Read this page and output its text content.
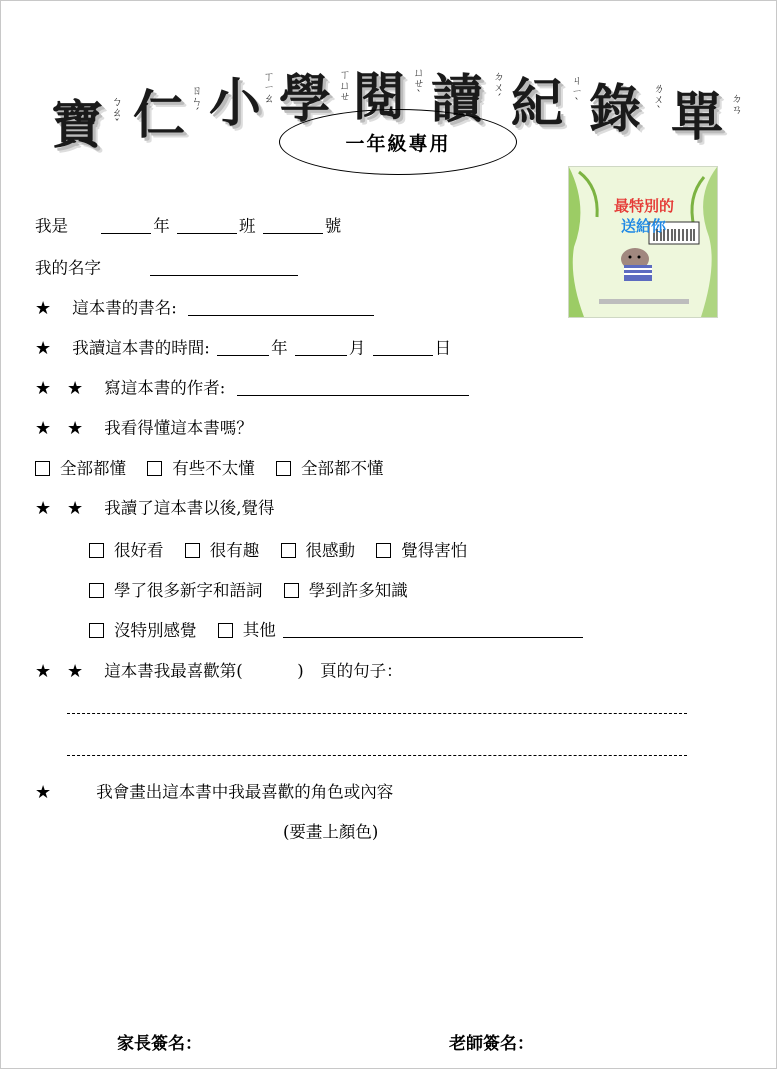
寶 仁 小 學 閱 讀 紀 錄 單
ㄅ
ㄠ
ˇ
ㄖ
ㄣ
ˊ
ㄒ
ㄧ
ㄠ
ㄒ
ㄩ
ㄝ
ㄩ
ㄝ
ˋ
ㄉ
ㄨ
ˊ
ㄐ
ㄧ
ˋ
ㄌ
ㄨ
ˋ
ㄉ
ㄢ
一年級專用
最特別的
送給你
我是	年	班	號
我的名字
★ 這本書的書名:
★ 我讀這本書的時間:	年	月	日
★ ★ 寫這本書的作者:
★ ★ 我看得懂這本書嗎？
全部都懂	有些不太懂	全部都不懂
★ ★ 我讀了這本書以後,覺得
很好看	很有趣	很感動	覺得害怕
學了很多新字和語詞	學到許多知識
沒特別感覺	其他
★ ★ 這本書我最喜歡第(	)　頁的句子：
★	我會畫出這本書中我最喜歡的角色或內容
(要畫上顏色)
家長簽名：	老師簽名：
